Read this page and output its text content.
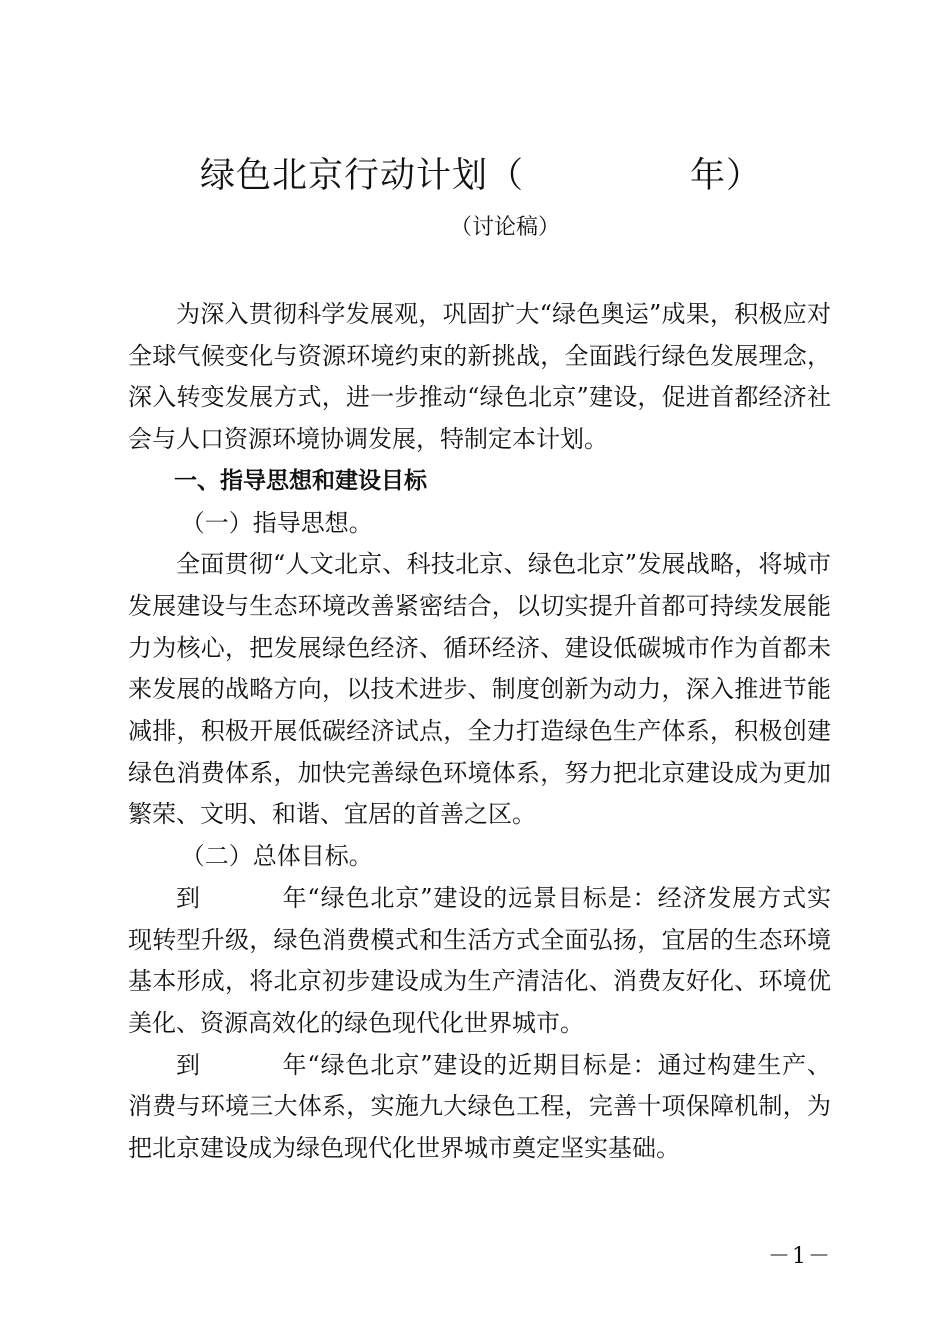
绿色北京行动计划（	年）
（讨论稿）

为深入贯彻科学发展观，巩固扩大“绿色奥运”成果，积极应对全球气候变化与资源环境约束的新挑战，全面践行绿色发展理念，深入转变发展方式，进一步推动“绿色北京”建设，促进首都经济社会与人口资源环境协调发展，特制定本计划。

一、指导思想和建设目标

（一）指导思想。

全面贯彻“人文北京、科技北京、绿色北京”发展战略，将城市发展建设与生态环境改善紧密结合，以切实提升首都可持续发展能力为核心，把发展绿色经济、循环经济、建设低碳城市作为首都未来发展的战略方向，以技术进步、制度创新为动力，深入推进节能减排，积极开展低碳经济试点，全力打造绿色生产体系，积极创建绿色消费体系，加快完善绿色环境体系，努力把北京建设成为更加繁荣、文明、和谐、宜居的首善之区。

（二）总体目标。

到	年“绿色北京”建设的远景目标是：经济发展方式实现转型升级，绿色消费模式和生活方式全面弘扬，宜居的生态环境基本形成，将北京初步建设成为生产清洁化、消费友好化、环境优美化、资源高效化的绿色现代化世界城市。

到	年“绿色北京”建设的近期目标是：通过构建生产、消费与环境三大体系，实施九大绿色工程，完善十项保障机制，为把北京建设成为绿色现代化世界城市奠定坚实基础。

－1－
